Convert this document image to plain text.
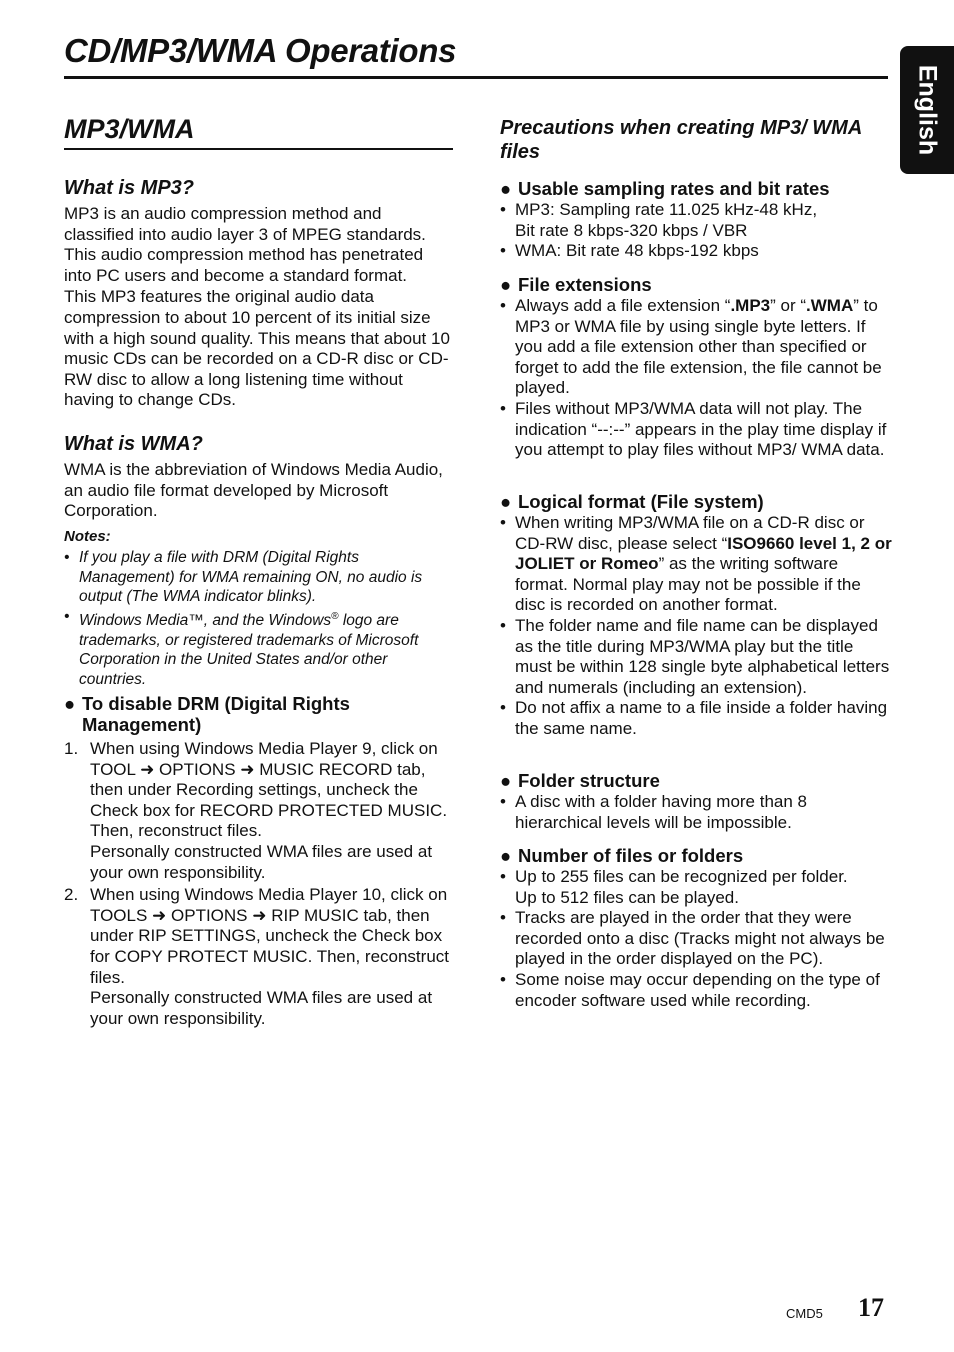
CD/MP3/WMA Operations
English
MP3/WMA
What is MP3?

MP3 is an audio compression method and classified into audio layer 3 of MPEG standards. This audio compression method has penetrated into PC users and become a standard format.

This MP3 features the original audio data compression to about 10 percent of its initial size with a high sound quality. This means that about 10 music CDs can be recorded on a CD-R disc or CD-RW disc to allow a long listening time without having to change CDs.

What is WMA?

WMA is the abbreviation of Windows Media Audio, an audio file format developed by Microsoft Corporation.

Notes:

• If you play a file with DRM (Digital Rights Management) for WMA remaining ON, no audio is output (The WMA indicator blinks).
• Windows Media™, and the Windows® logo are trademarks, or registered trademarks of Microsoft Corporation in the United States and/or other countries.

● To disable DRM (Digital Rights Management)

1. When using Windows Media Player 9, click on TOOL ➜ OPTIONS ➜ MUSIC RECORD tab, then under Recording settings, uncheck the Check box for RECORD PROTECTED MUSIC. Then, reconstruct files.
Personally constructed WMA files are used at your own responsibility.
2. When using Windows Media Player 10, click on TOOLS ➜ OPTIONS ➜ RIP MUSIC tab, then under RIP SETTINGS, uncheck the Check box for COPY PROTECT MUSIC. Then, reconstruct files.
Personally constructed WMA files are used at your own responsibility.
Precautions when creating MP3/ WMA files

● Usable sampling rates and bit rates

• MP3: Sampling rate 11.025 kHz-48 kHz,
Bit rate 8 kbps-320 kbps / VBR
• WMA: Bit rate 48 kbps-192 kbps

● File extensions

• Always add a file extension “.MP3” or “.WMA” to MP3 or WMA file by using single byte letters. If you add a file extension other than specified or forget to add the file extension, the file cannot be played.
• Files without MP3/WMA data will not play. The indication “--:--” appears in the play time display if you attempt to play files without MP3/ WMA data.

● Logical format (File system)

• When writing MP3/WMA file on a CD-R disc or CD-RW disc, please select “ISO9660 level 1, 2 or JOLIET or Romeo” as the writing software format. Normal play may not be possible if the disc is recorded on another format.
• The folder name and file name can be displayed as the title during MP3/WMA play but the title must be within 128 single byte alphabetical letters and numerals (including an extension).
• Do not affix a name to a file inside a folder having the same name.

● Folder structure

• A disc with a folder having more than 8 hierarchical levels will be impossible.

● Number of files or folders

• Up to 255 files can be recognized per folder.
Up to 512 files can be played.
• Tracks are played in the order that they were recorded onto a disc (Tracks might not always be played in the order displayed on the PC).
• Some noise may occur depending on the type of encoder software used while recording.
CMD5 17
